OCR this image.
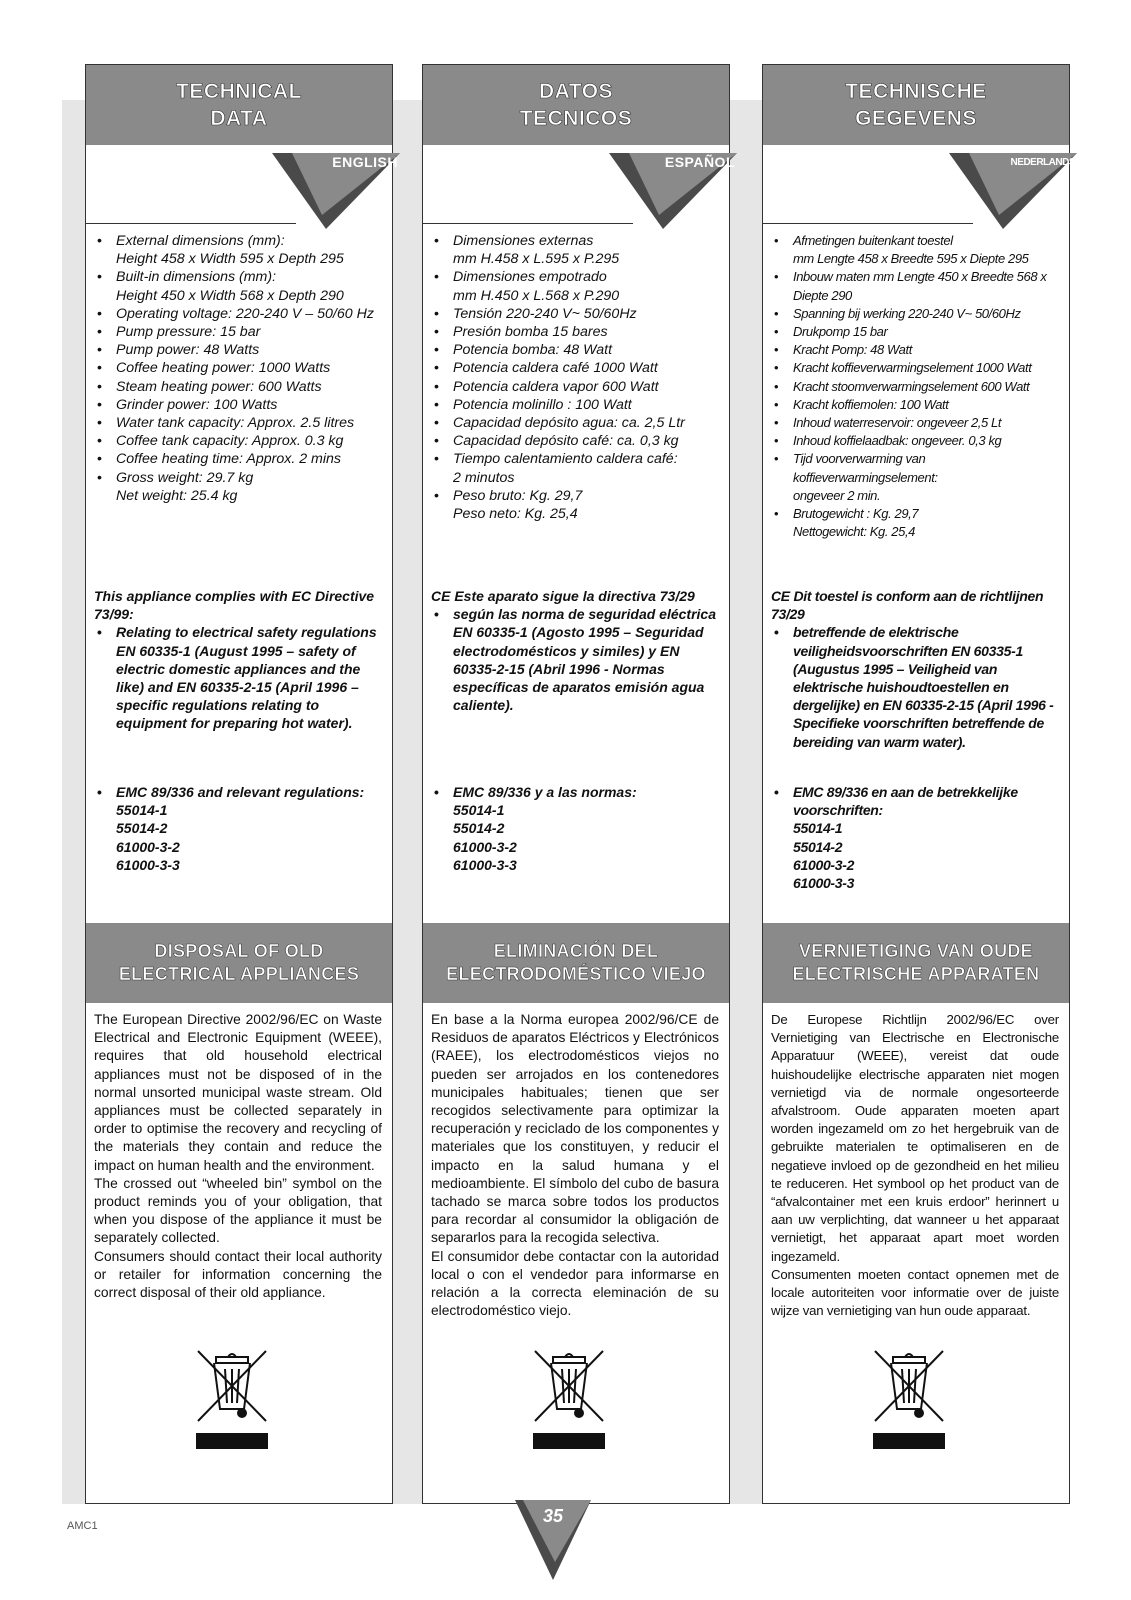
TECHNICAL
DATA
ENGLISH
• External dimensions (mm):
Height 458 x Width 595 x Depth 295
• Built-in dimensions (mm):
Height 450 x Width 568 x Depth 290
• Operating voltage: 220-240 V – 50/60 Hz
• Pump pressure: 15 bar
• Pump power: 48 Watts
• Coffee heating power: 1000 Watts
• Steam heating power: 600 Watts
• Grinder power: 100 Watts
• Water tank capacity: Approx. 2.5 litres
• Coffee tank capacity: Approx. 0.3 kg
• Coffee heating time: Approx. 2 mins
• Gross weight: 29.7 kg
Net weight: 25.4 kg
This appliance complies with EC Directive 73/99:
• Relating to electrical safety regulations EN 60335-1 (August 1995 – safety of electric domestic appliances and the like) and EN 60335-2-15 (April 1996 – specific regulations relating to equipment for preparing hot water).
• EMC 89/336 and relevant regulations:
55014-1
55014-2
61000-3-2
61000-3-3
DISPOSAL OF OLD
ELECTRICAL APPLIANCES

The European Directive 2002/96/EC on Waste Electrical and Electronic Equipment (WEEE), requires that old household electrical appliances must not be disposed of in the normal unsorted municipal waste stream. Old appliances must be collected separately in order to optimise the recovery and recycling of the materials they contain and reduce the impact on human health and the environment.

The crossed out “wheeled bin” symbol on the product reminds you of your obligation, that when you dispose of the appliance it must be separately collected.

Consumers should contact their local authority or retailer for information concerning the correct disposal of their old appliance.

DATOS
TECNICOS
ESPAÑOL
• Dimensiones externas
mm H.458 x L.595 x P.295
• Dimensiones empotrado
mm H.450 x L.568 x P.290
• Tensión 220-240 V~ 50/60Hz
• Presión bomba 15 bares
• Potencia bomba: 48 Watt
• Potencia caldera café 1000 Watt
• Potencia caldera vapor 600 Watt
• Potencia molinillo : 100 Watt
• Capacidad depósito agua: ca. 2,5 Ltr
• Capacidad depósito café: ca. 0,3 kg
• Tiempo calentamiento caldera café:
2 minutos
• Peso bruto: Kg. 29,7
Peso neto: Kg. 25,4
CE Este aparato sigue la directiva 73/29
• según las norma de seguridad eléctrica EN 60335-1 (Agosto 1995 – Seguridad electrodomésticos y similes) y EN 60335-2-15 (Abril 1996 - Normas específicas de aparatos emisión agua caliente).
• EMC 89/336 y a las normas:
55014-1
55014-2
61000-3-2
61000-3-3
ELIMINACIÓN DEL
ELECTRODOMÉSTICO VIEJO

En base a la Norma europea 2002/96/CE de Residuos de aparatos Eléctricos y Electrónicos (RAEE), los electrodomésticos viejos no pueden ser arrojados en los contenedores municipales habituales; tienen que ser recogidos selectivamente para optimizar la recuperación y reciclado de los componentes y materiales que los constituyen, y reducir el impacto en la salud humana y el medioambiente. El símbolo del cubo de basura tachado se marca sobre todos los productos para recordar al consumidor la obligación de separarlos para la recogida selectiva.

El consumidor debe contactar con la autoridad local o con el vendedor para informarse en relación a la correcta eleminación de su electrodoméstico viejo.

TECHNISCHE
GEGEVENS
NEDERLANDS
• Afmetingen buitenkant toestel
mm Lengte 458 x Breedte 595 x Diepte 295
• Inbouw maten mm Lengte 450 x Breedte 568 x Diepte 290
• Spanning bij werking 220-240 V~ 50/60Hz
• Drukpomp 15 bar
• Kracht Pomp: 48 Watt
• Kracht koffieverwarmingselement 1000 Watt
• Kracht stoomverwarmingselement 600 Watt
• Kracht koffiemolen: 100 Watt
• Inhoud waterreservoir: ongeveer 2,5 Lt
• Inhoud koffielaadbak: ongeveer. 0,3 kg
• Tijd voorverwarming van koffieverwarmingselement:
ongeveer 2 min.
• Brutogewicht : Kg. 29,7
Nettogewicht: Kg. 25,4
CE Dit toestel is conform aan de richtlijnen 73/29
• betreffende de elektrische veiligheidsvoorschriften EN 60335-1 (Augustus 1995 – Veiligheid van elektrische huishoudtoestellen en dergelijke) en EN 60335-2-15 (April 1996 - Specifieke voorschriften betreffende de bereiding van warm water).
• EMC 89/336 en aan de betrekkelijke voorschriften:
55014-1
55014-2
61000-3-2
61000-3-3
VERNIETIGING VAN OUDE
ELECTRISCHE APPARATEN

De Europese Richtlijn 2002/96/EC over Vernietiging van Electrische en Electronische Apparatuur (WEEE), vereist dat oude huishoudelijke electrische apparaten niet mogen vernietigd via de normale ongesorteerde afvalstroom. Oude apparaten moeten apart worden ingezameld om zo het hergebruik van de gebruikte materialen te optimaliseren en de negatieve invloed op de gezondheid en het milieu te reduceren. Het symbool op het product van de “afvalcontainer met een kruis erdoor” herinnert u aan uw verplichting, dat wanneer u het apparaat vernietigt, het apparaat apart moet worden ingezameld.

Consumenten moeten contact opnemen met de locale autoriteiten voor informatie over de juiste wijze van vernietiging van hun oude apparaat.

AMC1	35
